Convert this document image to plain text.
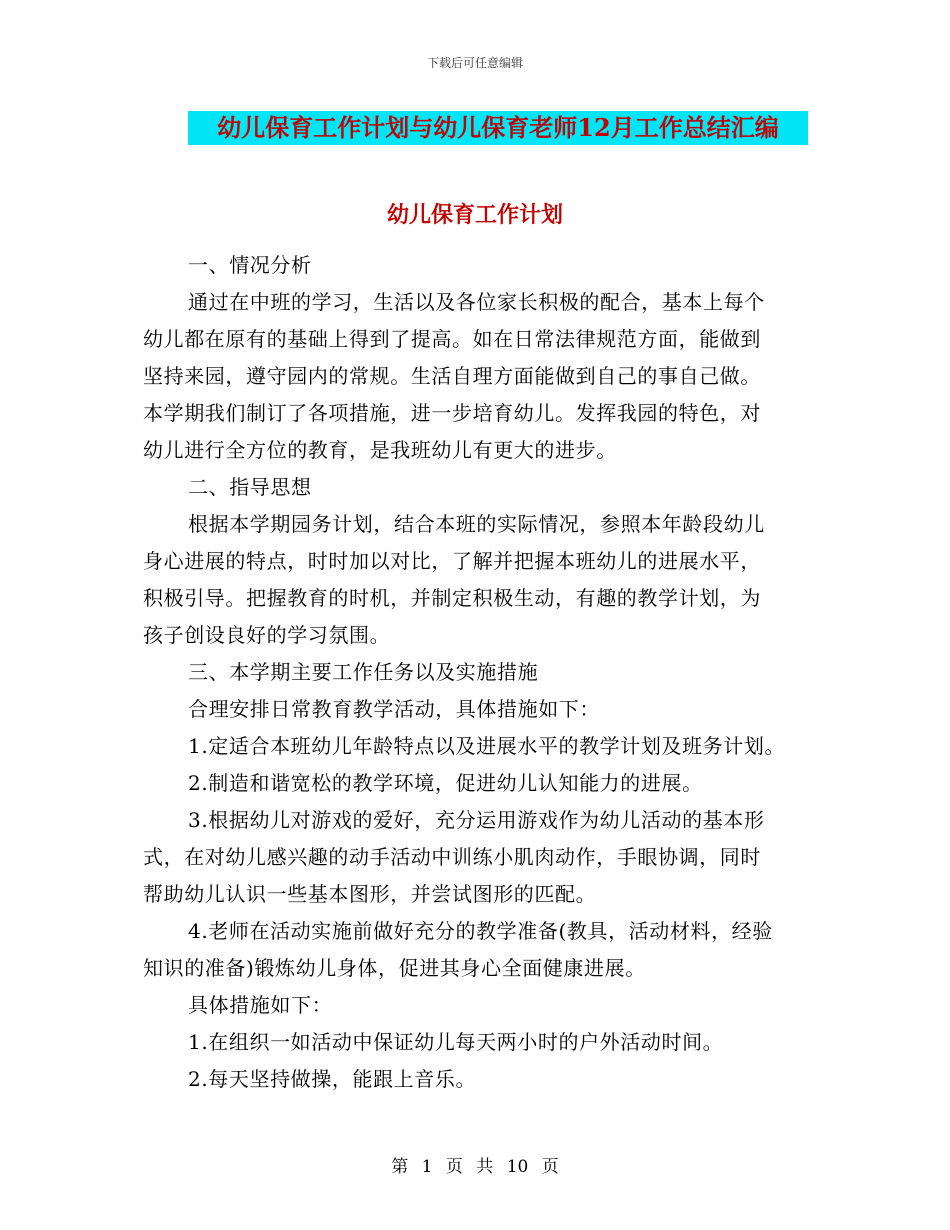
下载后可任意编辑
幼儿保育工作计划与幼儿保育老师12月工作总结汇编
幼儿保育工作计划
一、情况分析
通过在中班的学习，生活以及各位家长积极的配合，基本上每个
幼儿都在原有的基础上得到了提高。如在日常法律规范方面，能做到
坚持来园，遵守园内的常规。生活自理方面能做到自己的事自己做。
本学期我们制订了各项措施，进一步培育幼儿。发挥我园的特色，对
幼儿进行全方位的教育，是我班幼儿有更大的进步。
二、指导思想
根据本学期园务计划，结合本班的实际情况，参照本年龄段幼儿
身心进展的特点，时时加以对比，了解并把握本班幼儿的进展水平，
积极引导。把握教育的时机，并制定积极生动，有趣的教学计划，为
孩子创设良好的学习氛围。
三、本学期主要工作任务以及实施措施
合理安排日常教育教学活动，具体措施如下：
1.定适合本班幼儿年龄特点以及进展水平的教学计划及班务计划。
2.制造和谐宽松的教学环境，促进幼儿认知能力的进展。
3.根据幼儿对游戏的爱好，充分运用游戏作为幼儿活动的基本形
式，在对幼儿感兴趣的动手活动中训练小肌肉动作，手眼协调，同时
帮助幼儿认识一些基本图形，并尝试图形的匹配。
4.老师在活动实施前做好充分的教学准备(教具，活动材料，经验
知识的准备)锻炼幼儿身体，促进其身心全面健康进展。
具体措施如下：
1.在组织一如活动中保证幼儿每天两小时的户外活动时间。
2.每天坚持做操，能跟上音乐。
第 1 页 共 10 页
